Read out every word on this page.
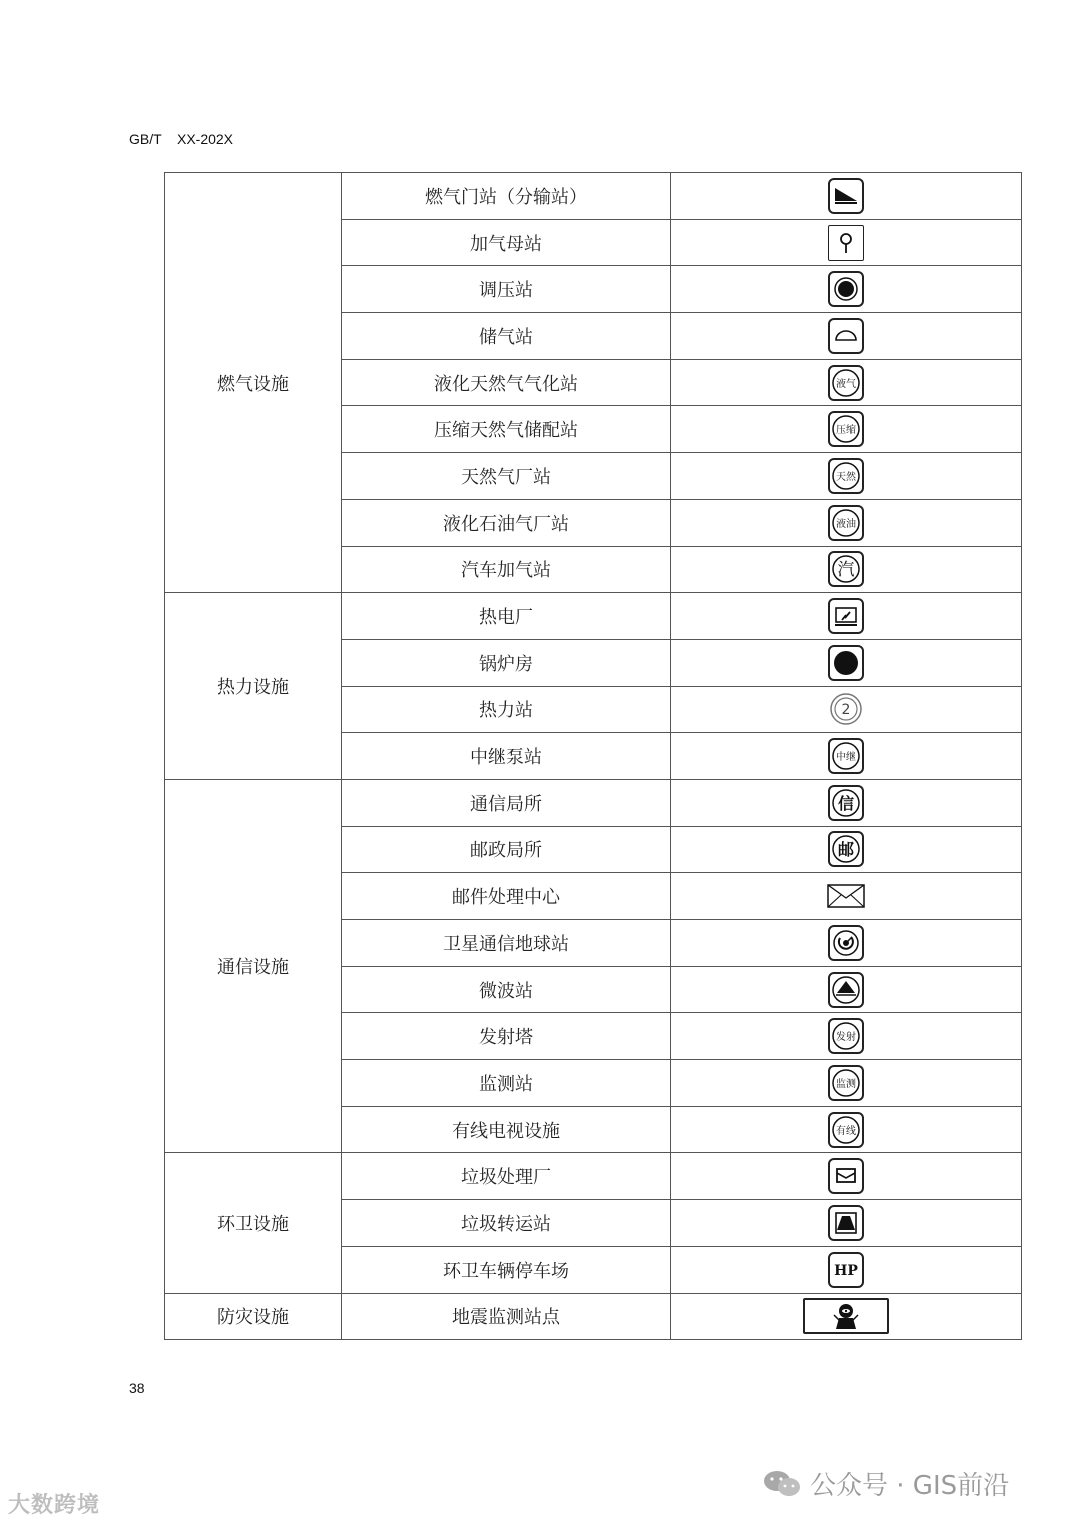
GB/T    XX-202X
燃气设施	燃气门站（分输站）	

	加气母站	

	调压站	

	储气站	

	液化天然气气化站	液气

	压缩天然气储配站	压缩

	天然气厂站	天然

	液化石油气厂站	液油

	汽车加气站	汽

热力设施	热电厂	

	锅炉房	

	热力站	2

	中继泵站	中继

通信设施	通信局所	信

	邮政局所	邮

	邮件处理中心	

	卫星通信地球站	

	微波站	

	发射塔	发射

	监测站	监测

	有线电视设施	有线

环卫设施	垃圾处理厂	

	垃圾转运站	

	环卫车辆停车场	HP

防灾设施	地震监测站点	
38
大数跨境
公众号 · GIS前沿
